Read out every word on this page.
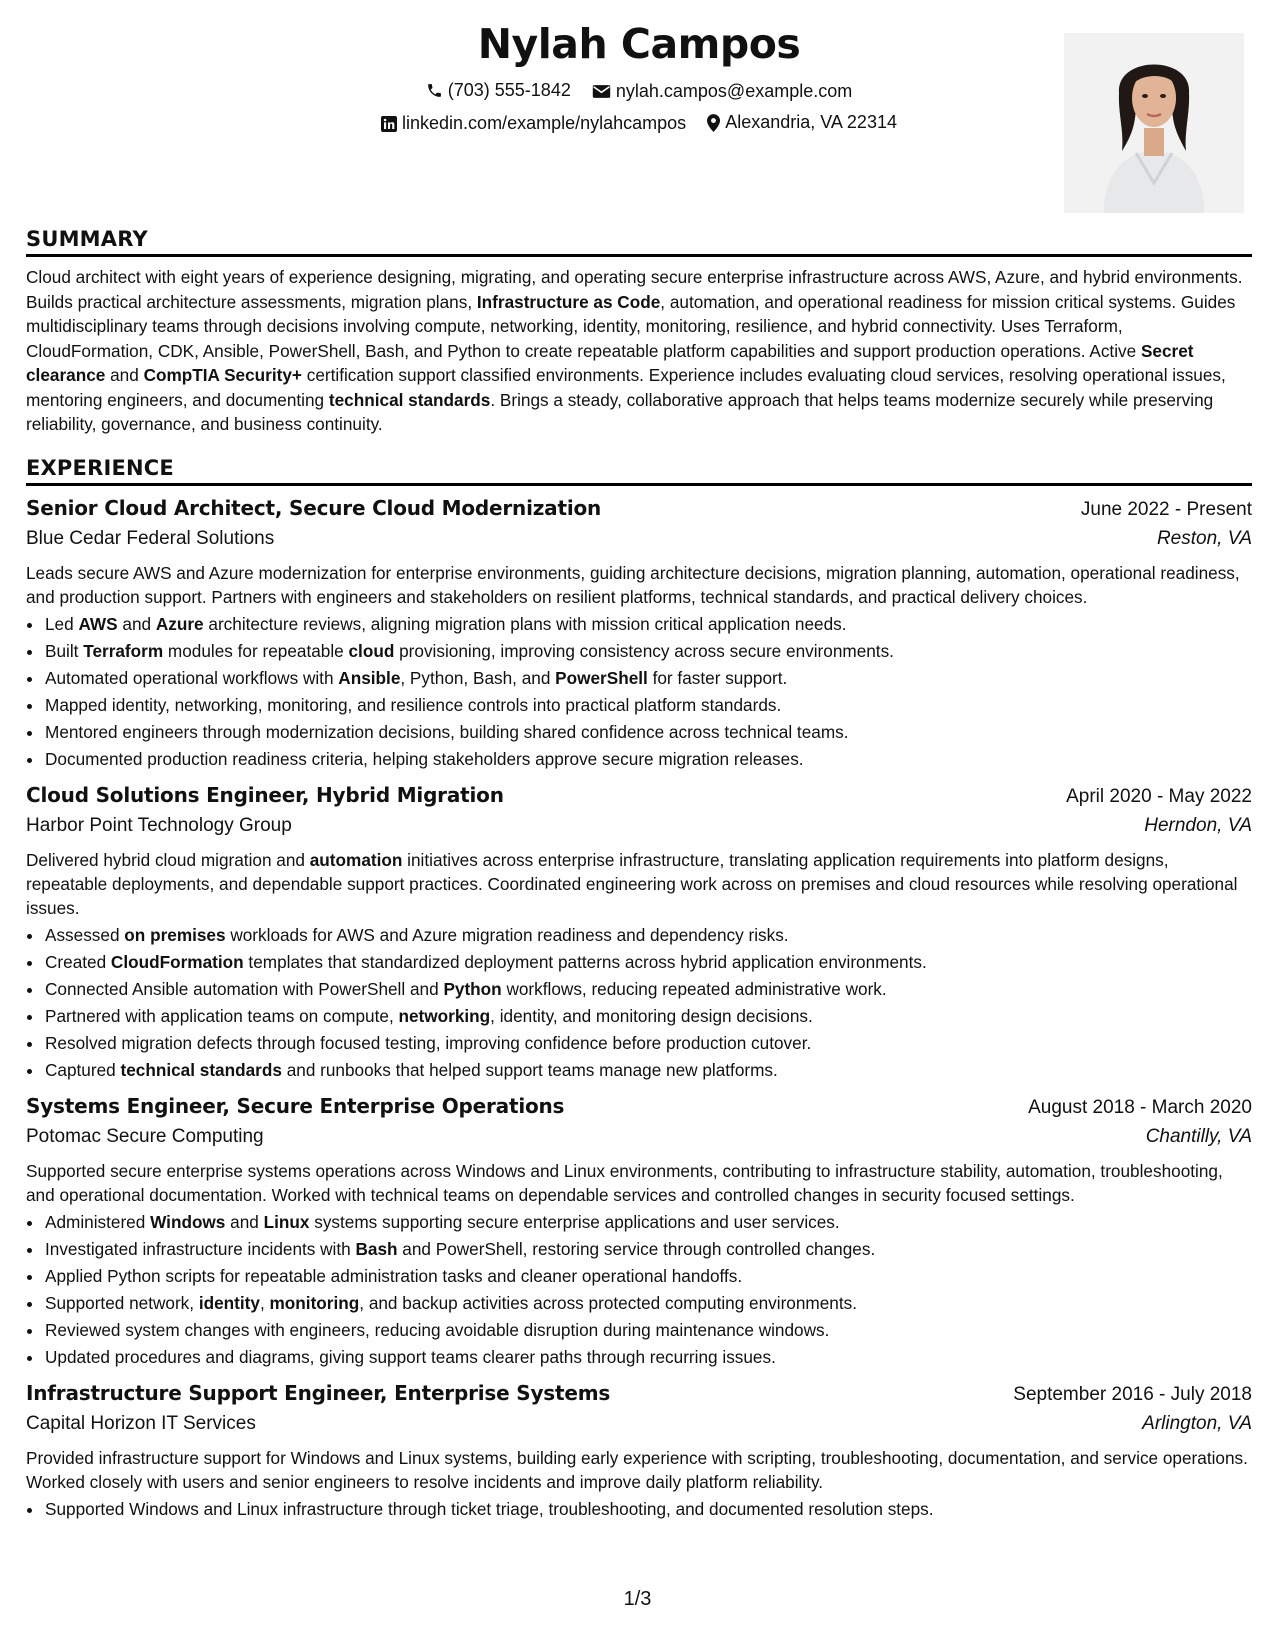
Nylah Campos
(703) 555-1842
	nylah.campos@example.com
linkedin.com/example/nylahcampos
Alexandria, VA 22314
SUMMARY
Cloud architect with eight years of experience designing, migrating, and operating secure enterprise infrastructure across AWS, Azure, and hybrid environments. Builds practical architecture assessments, migration plans, Infrastructure as Code, automation, and operational readiness for mission critical systems. Guides multidisciplinary teams through decisions involving compute, networking, identity, monitoring, resilience, and hybrid connectivity. Uses Terraform, CloudFormation, CDK, Ansible, PowerShell, Bash, and Python to create repeatable platform capabilities and support production operations. Active Secret clearance and CompTIA Security+ certification support classified environments. Experience includes evaluating cloud services, resolving operational issues, mentoring engineers, and documenting technical standards. Brings a steady, collaborative approach that helps teams modernize securely while preserving reliability, governance, and business continuity.
EXPERIENCE
Senior Cloud Architect, Secure Cloud Modernization	June 2022 - Present
Blue Cedar Federal Solutions	Reston, VA
Leads secure AWS and Azure modernization for enterprise environments, guiding architecture decisions, migration planning, automation, operational readiness, and production support. Partners with engineers and stakeholders on resilient platforms, technical standards, and practical delivery choices.
• Led AWS and Azure architecture reviews, aligning migration plans with mission critical application needs.
• Built Terraform modules for repeatable cloud provisioning, improving consistency across secure environments.
• Automated operational workflows with Ansible, Python, Bash, and PowerShell for faster support.
• Mapped identity, networking, monitoring, and resilience controls into practical platform standards.
• Mentored engineers through modernization decisions, building shared confidence across technical teams.
• Documented production readiness criteria, helping stakeholders approve secure migration releases.
Cloud Solutions Engineer, Hybrid Migration	April 2020 - May 2022
Harbor Point Technology Group	Herndon, VA
Delivered hybrid cloud migration and automation initiatives across enterprise infrastructure, translating application requirements into platform designs, repeatable deployments, and dependable support practices. Coordinated engineering work across on premises and cloud resources while resolving operational issues.
• Assessed on premises workloads for AWS and Azure migration readiness and dependency risks.
• Created CloudFormation templates that standardized deployment patterns across hybrid application environments.
• Connected Ansible automation with PowerShell and Python workflows, reducing repeated administrative work.
• Partnered with application teams on compute, networking, identity, and monitoring design decisions.
• Resolved migration defects through focused testing, improving confidence before production cutover.
• Captured technical standards and runbooks that helped support teams manage new platforms.
Systems Engineer, Secure Enterprise Operations	August 2018 - March 2020
Potomac Secure Computing	Chantilly, VA
Supported secure enterprise systems operations across Windows and Linux environments, contributing to infrastructure stability, automation, troubleshooting, and operational documentation. Worked with technical teams on dependable services and controlled changes in security focused settings.
• Administered Windows and Linux systems supporting secure enterprise applications and user services.
• Investigated infrastructure incidents with Bash and PowerShell, restoring service through controlled changes.
• Applied Python scripts for repeatable administration tasks and cleaner operational handoffs.
• Supported network, identity, monitoring, and backup activities across protected computing environments.
• Reviewed system changes with engineers, reducing avoidable disruption during maintenance windows.
• Updated procedures and diagrams, giving support teams clearer paths through recurring issues.
Infrastructure Support Engineer, Enterprise Systems	September 2016 - July 2018
Capital Horizon IT Services	Arlington, VA
Provided infrastructure support for Windows and Linux systems, building early experience with scripting, troubleshooting, documentation, and service operations. Worked closely with users and senior engineers to resolve incidents and improve daily platform reliability.
• Supported Windows and Linux infrastructure through ticket triage, troubleshooting, and documented resolution steps.
1/3
